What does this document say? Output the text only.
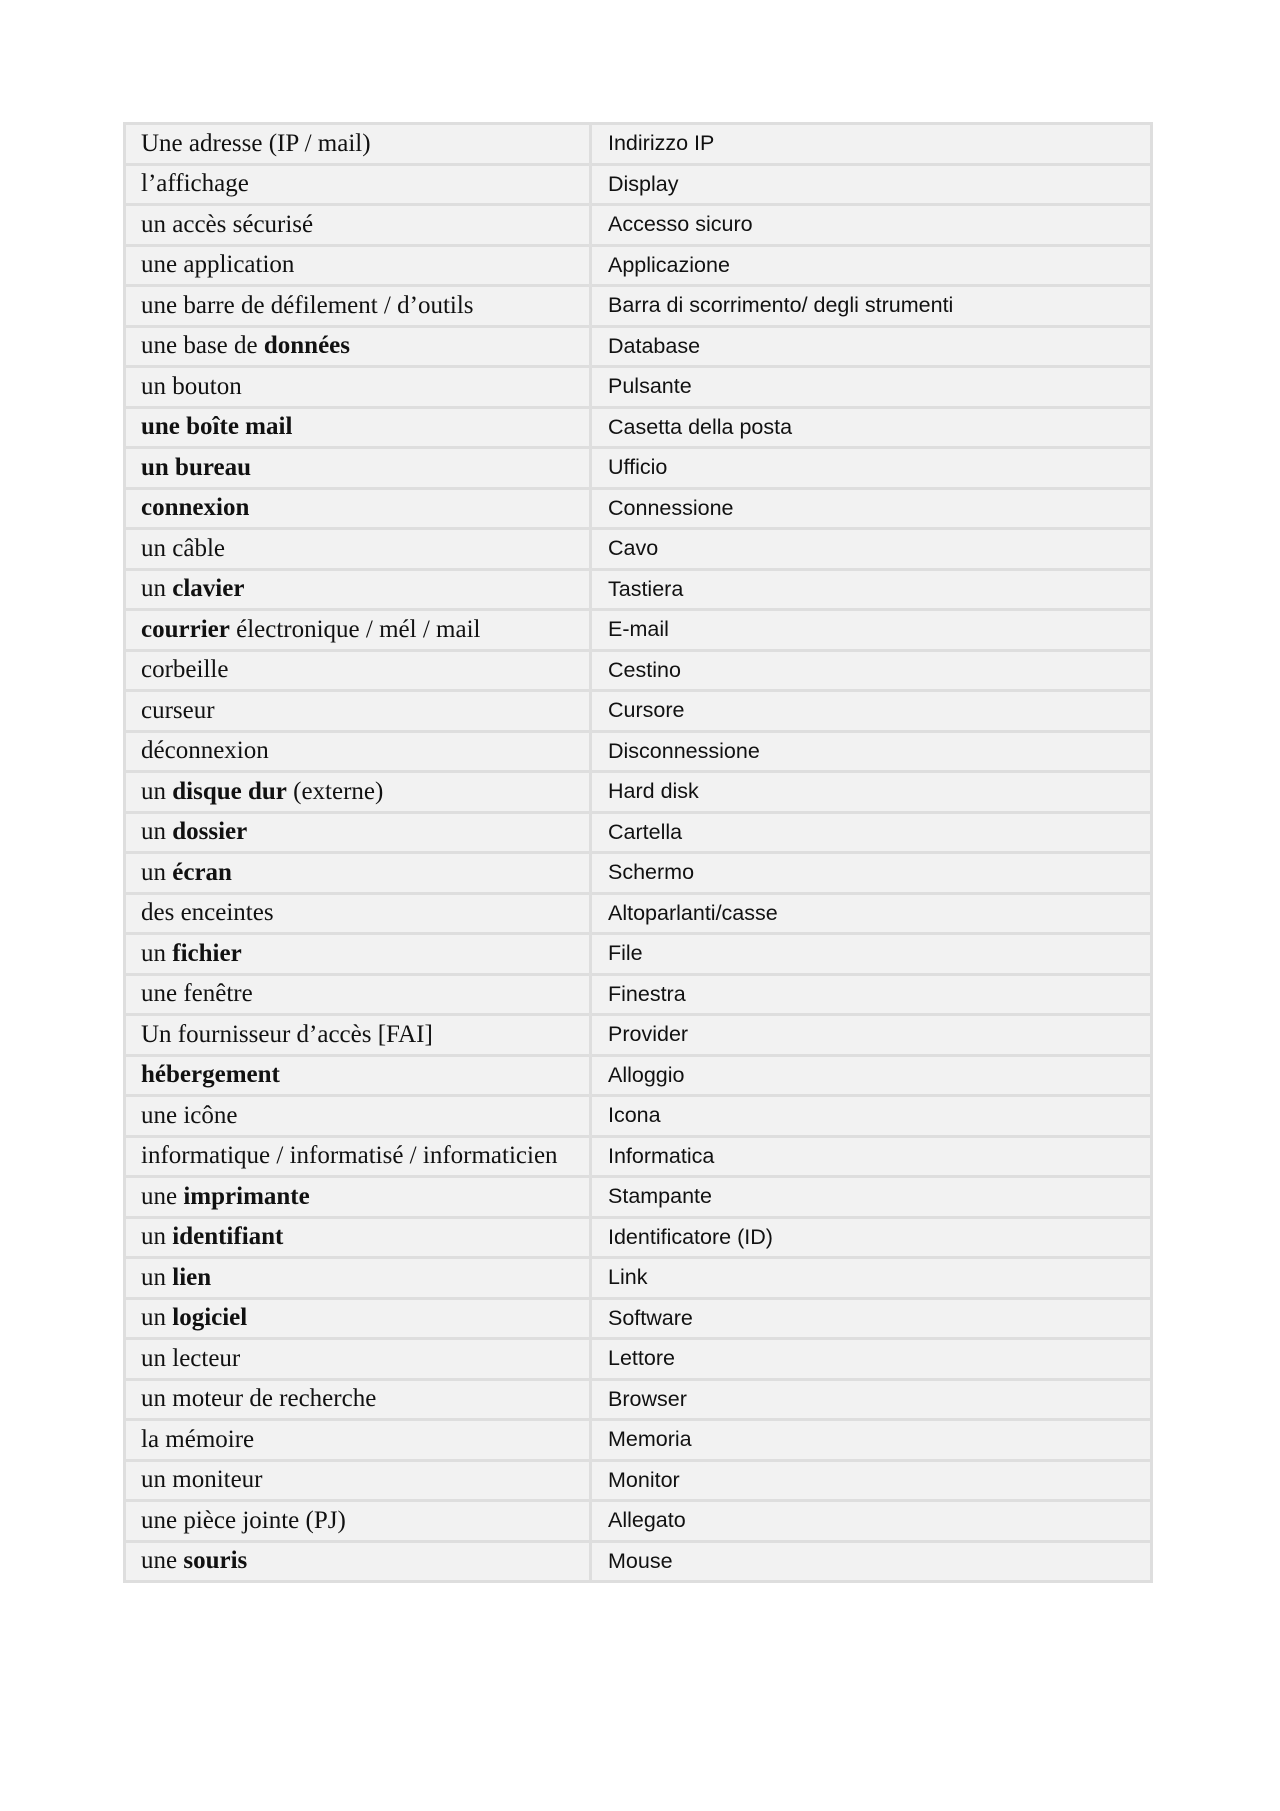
Une adresse (IP / mail)	Indirizzo IP
l’affichage	Display
un accès sécurisé	Accesso sicuro
une application	Applicazione
une barre de défilement / d’outils	Barra di scorrimento/ degli strumenti
une base de données	Database
un bouton	Pulsante
une boîte mail	Casetta della posta
un bureau	Ufficio
connexion	Connessione
un câble	Cavo
un clavier	Tastiera
courrier électronique / mél / mail	E-mail
corbeille	Cestino
curseur	Cursore
déconnexion	Disconnessione
un disque dur (externe)	Hard disk
un dossier	Cartella
un écran	Schermo
des enceintes	Altoparlanti/casse
un fichier	File
une fenêtre	Finestra
Un fournisseur d’accès [FAI]	Provider
hébergement	Alloggio
une icône	Icona
informatique / informatisé / informaticien	Informatica
une imprimante	Stampante
un identifiant	Identificatore (ID)
un lien	Link
un logiciel	Software
un lecteur	Lettore
un moteur de recherche	Browser
la mémoire	Memoria
un moniteur	Monitor
une pièce jointe (PJ)	Allegato
une souris	Mouse
